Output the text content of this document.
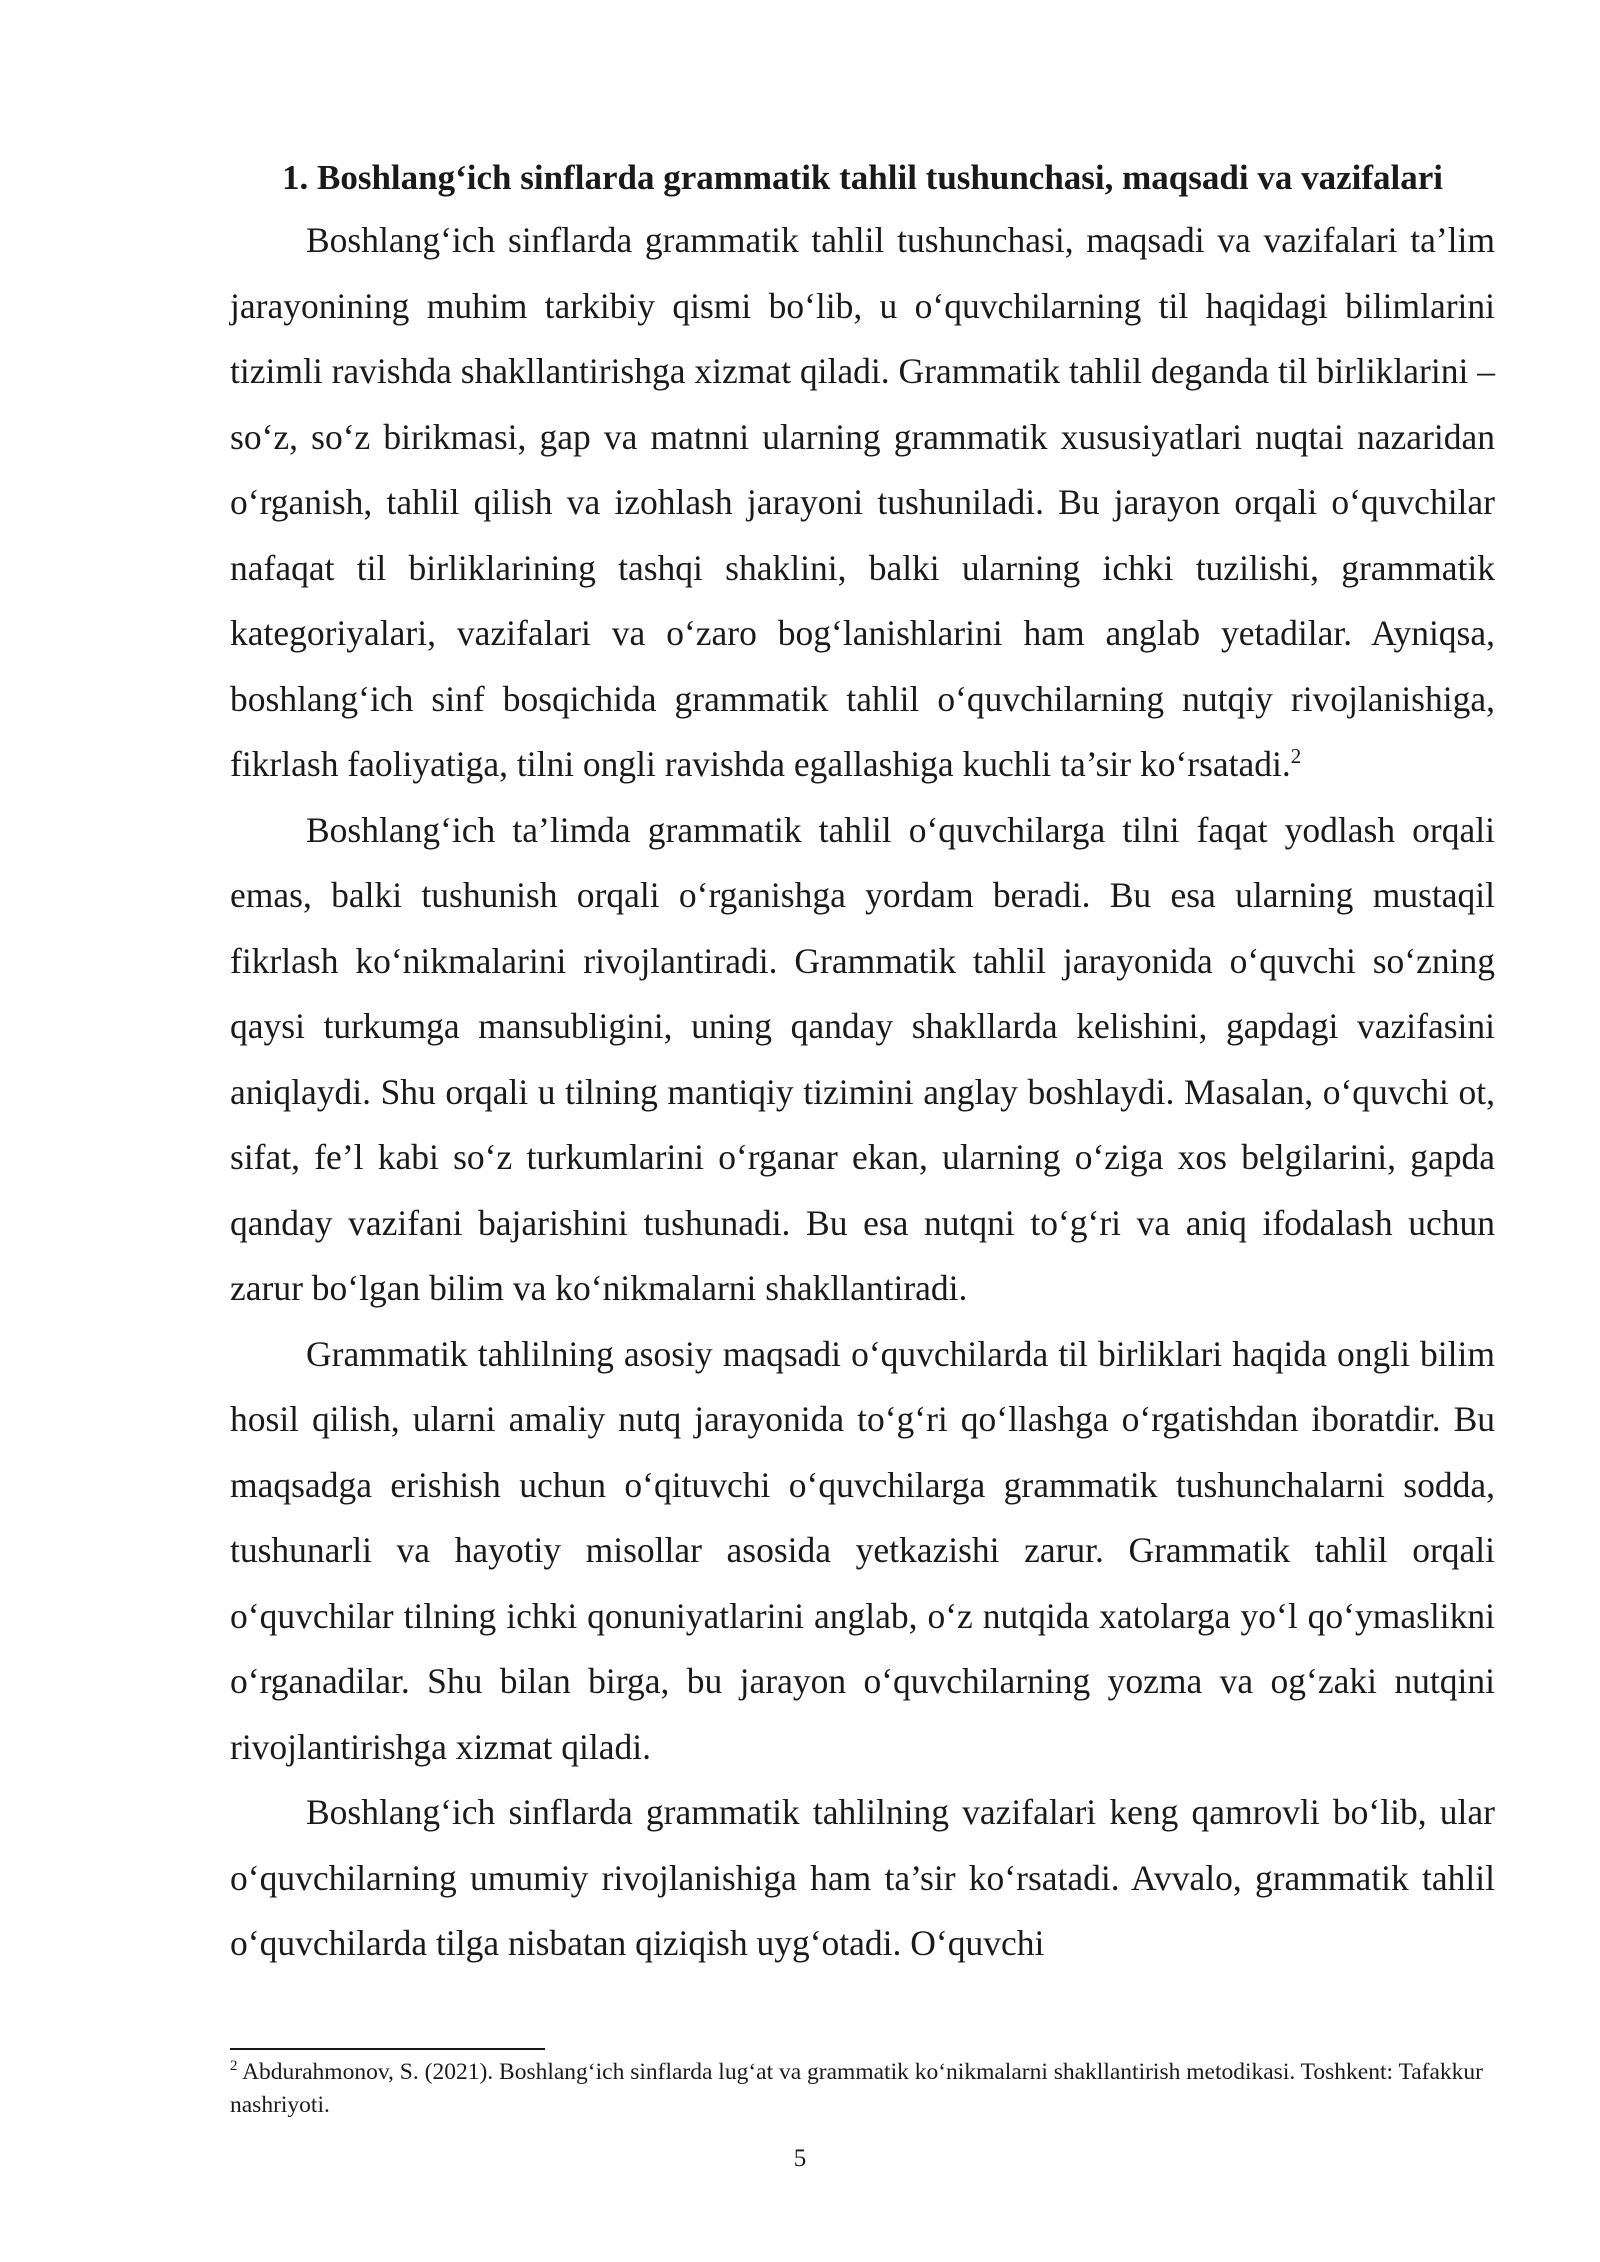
1. Boshlang‘ich sinflarda grammatik tahlil tushunchasi, maqsadi va vazifalari

Boshlang‘ich sinflarda grammatik tahlil tushunchasi, maqsadi va vazifalari ta’lim jarayonining muhim tarkibiy qismi bo‘lib, u o‘quvchilarning til haqidagi bilimlarini tizimli ravishda shakllantirishga xizmat qiladi. Grammatik tahlil deganda til birliklarini – so‘z, so‘z birikmasi, gap va matnni ularning grammatik xususiyatlari nuqtai nazaridan o‘rganish, tahlil qilish va izohlash jarayoni tushuniladi. Bu jarayon orqali o‘quvchilar nafaqat til birliklarining tashqi shaklini, balki ularning ichki tuzilishi, grammatik kategoriyalari, vazifalari va o‘zaro bog‘lanishlarini ham anglab yetadilar. Ayniqsa, boshlang‘ich sinf bosqichida grammatik tahlil o‘quvchilarning nutqiy rivojlanishiga, fikrlash faoliyatiga, tilni ongli ravishda egallashiga kuchli ta’sir ko‘rsatadi.$^2$

Boshlang‘ich ta’limda grammatik tahlil o‘quvchilarga tilni faqat yodlash orqali emas, balki tushunish orqali o‘rganishga yordam beradi. Bu esa ularning mustaqil fikrlash ko‘nikmalarini rivojlantiradi. Grammatik tahlil jarayonida o‘quvchi so‘zning qaysi turkumga mansubligini, uning qanday shakllarda kelishini, gapdagi vazifasini aniqlaydi. Shu orqali u tilning mantiqiy tizimini anglay boshlaydi. Masalan, o‘quvchi ot, sifat, fe’l kabi so‘z turkumlarini o‘rganar ekan, ularning o‘ziga xos belgilarini, gapda qanday vazifani bajarishini tushunadi. Bu esa nutqni to‘g‘ri va aniq ifodalash uchun zarur bo‘lgan bilim va ko‘nikmalarni shakllantiradi.

Grammatik tahlilning asosiy maqsadi o‘quvchilarda til birliklari haqida ongli bilim hosil qilish, ularni amaliy nutq jarayonida to‘g‘ri qo‘llashga o‘rgatishdan iboratdir. Bu maqsadga erishish uchun o‘qituvchi o‘quvchilarga grammatik tushunchalarni sodda, tushunarli va hayotiy misollar asosida yetkazishi zarur. Grammatik tahlil orqali o‘quvchilar tilning ichki qonuniyatlarini anglab, o‘z nutqida xatolarga yo‘l qo‘ymaslikni o‘rganadilar. Shu bilan birga, bu jarayon o‘quvchilarning yozma va og‘zaki nutqini rivojlantirishga xizmat qiladi.

Boshlang‘ich sinflarda grammatik tahlilning vazifalari keng qamrovli bo‘lib, ular o‘quvchilarning umumiy rivojlanishiga ham ta’sir ko‘rsatadi. Avvalo, grammatik tahlil o‘quvchilarda tilga nisbatan qiziqish uyg‘otadi. O‘quvchi

$^2$ Abdurahmonov, S. (2021). Boshlang‘ich sinflarda lug‘at va grammatik ko‘nikmalarni shakllantirish metodikasi. Toshkent: Tafakkur nashriyoti.

5
